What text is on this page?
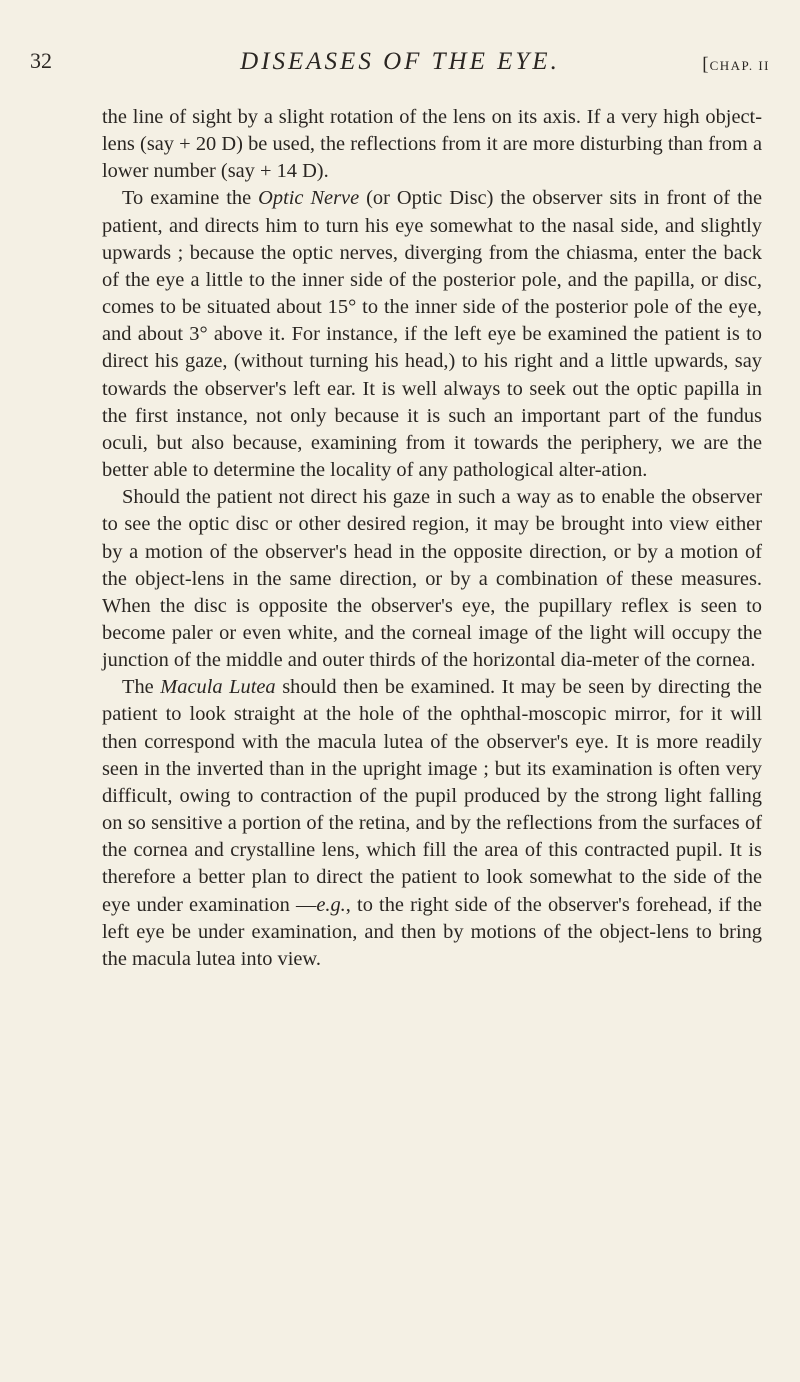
32	DISEASES OF THE EYE.	[CHAP. II

the line of sight by a slight rotation of the lens on its axis. If a very high object-lens (say + 20 D) be used, the reflections from it are more disturbing than from a lower number (say + 14 D).

To examine the Optic Nerve (or Optic Disc) the observer sits in front of the patient, and directs him to turn his eye somewhat to the nasal side, and slightly upwards ; because the optic nerves, diverging from the chiasma, enter the back of the eye a little to the inner side of the posterior pole, and the papilla, or disc, comes to be situated about 15° to the inner side of the posterior pole of the eye, and about 3° above it. For instance, if the left eye be examined the patient is to direct his gaze, (without turning his head,) to his right and a little upwards, say towards the observer's left ear. It is well always to seek out the optic papilla in the first instance, not only because it is such an important part of the fundus oculi, but also because, examining from it towards the periphery, we are the better able to determine the locality of any pathological alter-ation.

Should the patient not direct his gaze in such a way as to enable the observer to see the optic disc or other desired region, it may be brought into view either by a motion of the observer's head in the opposite direction, or by a motion of the object-lens in the same direction, or by a combination of these measures. When the disc is opposite the observer's eye, the pupillary reflex is seen to become paler or even white, and the corneal image of the light will occupy the junction of the middle and outer thirds of the horizontal dia-meter of the cornea.

The Macula Lutea should then be examined. It may be seen by directing the patient to look straight at the hole of the ophthal-moscopic mirror, for it will then correspond with the macula lutea of the observer's eye. It is more readily seen in the inverted than in the upright image ; but its examination is often very difficult, owing to contraction of the pupil produced by the strong light falling on so sensitive a portion of the retina, and by the reflections from the surfaces of the cornea and crystalline lens, which fill the area of this contracted pupil. It is therefore a better plan to direct the patient to look somewhat to the side of the eye under examination —e.g., to the right side of the observer's forehead, if the left eye be under examination, and then by motions of the object-lens to bring the macula lutea into view.
